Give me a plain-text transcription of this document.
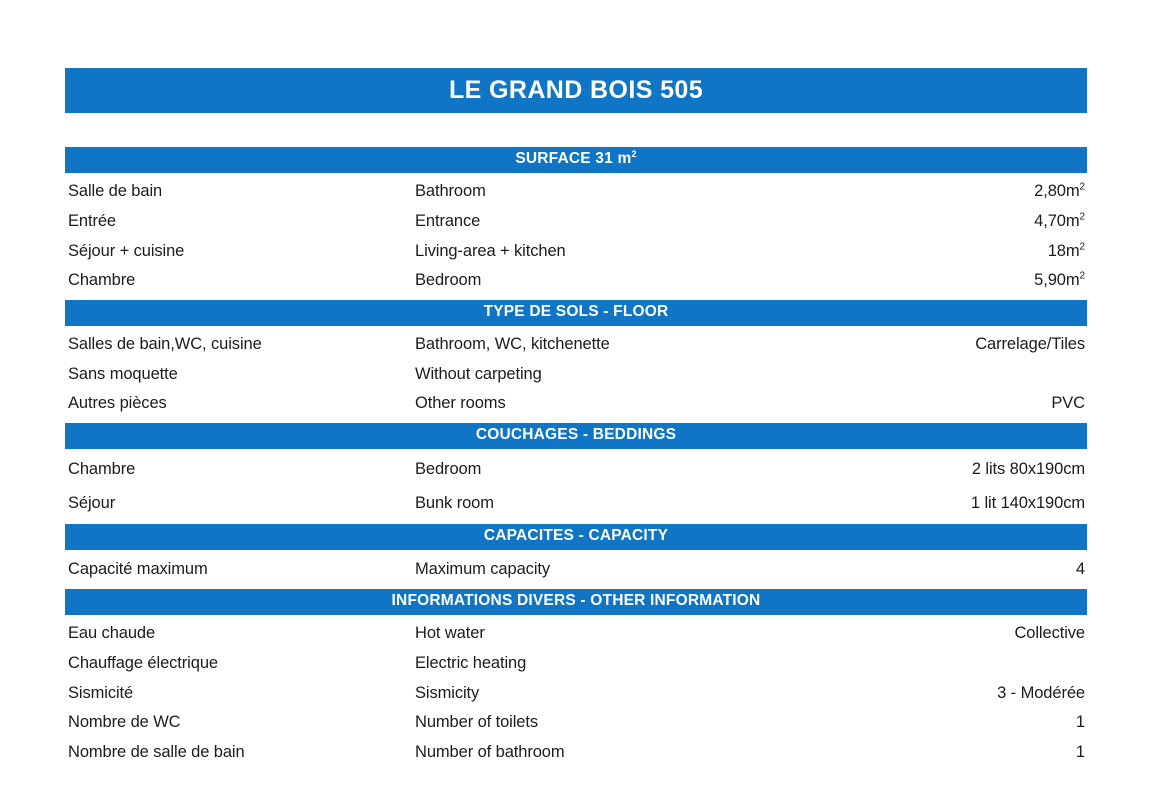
LE GRAND BOIS 505
SURFACE 31 $m^2$
Salle de bain	Bathroom	$2,80m^2$
Entrée	Entrance	$4,70m^2$
Séjour + cuisine	Living-area + kitchen	$18m^2$
Chambre	Bedroom	$5,90m^2$
TYPE DE SOLS - FLOOR
Salles de bain,WC, cuisine	Bathroom, WC, kitchenette	Carrelage/Tiles
Sans moquette	Without carpeting
Autres pièces	Other rooms	PVC
COUCHAGES - BEDDINGS
Chambre	Bedroom	2 lits 80x190cm
Séjour	Bunk room	1 lit 140x190cm
CAPACITES - CAPACITY
Capacité maximum	Maximum capacity	4
INFORMATIONS DIVERS - OTHER INFORMATION
Eau chaude	Hot water	Collective
Chauffage électrique	Electric heating
Sismicité	Sismicity	3 - Modérée
Nombre de WC	Number of toilets	1
Nombre de salle de bain	Number of bathroom	1
